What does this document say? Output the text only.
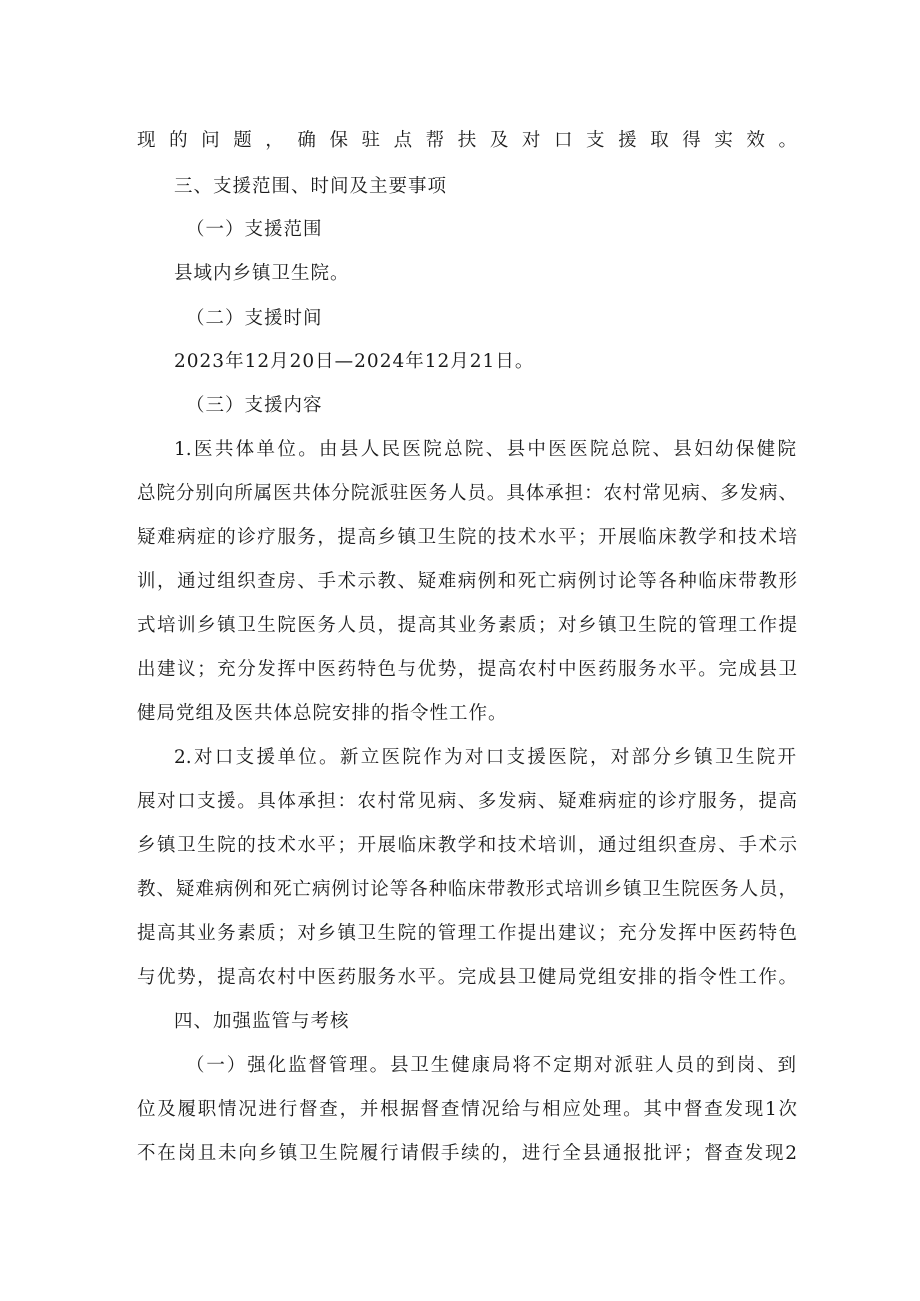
现的问题，确保驻点帮扶及对口支援取得实效。
三、支援范围、时间及主要事项
（一）支援范围
县域内乡镇卫生院。
（二）支援时间
2023年12月20日—2024年12月21日。
（三）支援内容
1.医共体单位。由县人民医院总院、县中医医院总院、县妇幼保健院
总院分别向所属医共体分院派驻医务人员。具体承担：农村常见病、多发病、
疑难病症的诊疗服务，提高乡镇卫生院的技术水平；开展临床教学和技术培
训，通过组织查房、手术示教、疑难病例和死亡病例讨论等各种临床带教形
式培训乡镇卫生院医务人员，提高其业务素质；对乡镇卫生院的管理工作提
出建议；充分发挥中医药特色与优势，提高农村中医药服务水平。完成县卫
健局党组及医共体总院安排的指令性工作。
2.对口支援单位。新立医院作为对口支援医院，对部分乡镇卫生院开
展对口支援。具体承担：农村常见病、多发病、疑难病症的诊疗服务，提高
乡镇卫生院的技术水平；开展临床教学和技术培训，通过组织查房、手术示
教、疑难病例和死亡病例讨论等各种临床带教形式培训乡镇卫生院医务人员，
提高其业务素质；对乡镇卫生院的管理工作提出建议；充分发挥中医药特色
与优势，提高农村中医药服务水平。完成县卫健局党组安排的指令性工作。
四、加强监管与考核
（一）强化监督管理。县卫生健康局将不定期对派驻人员的到岗、到
位及履职情况进行督查，并根据督查情况给与相应处理。其中督查发现1次
不在岗且未向乡镇卫生院履行请假手续的，进行全县通报批评；督查发现2
